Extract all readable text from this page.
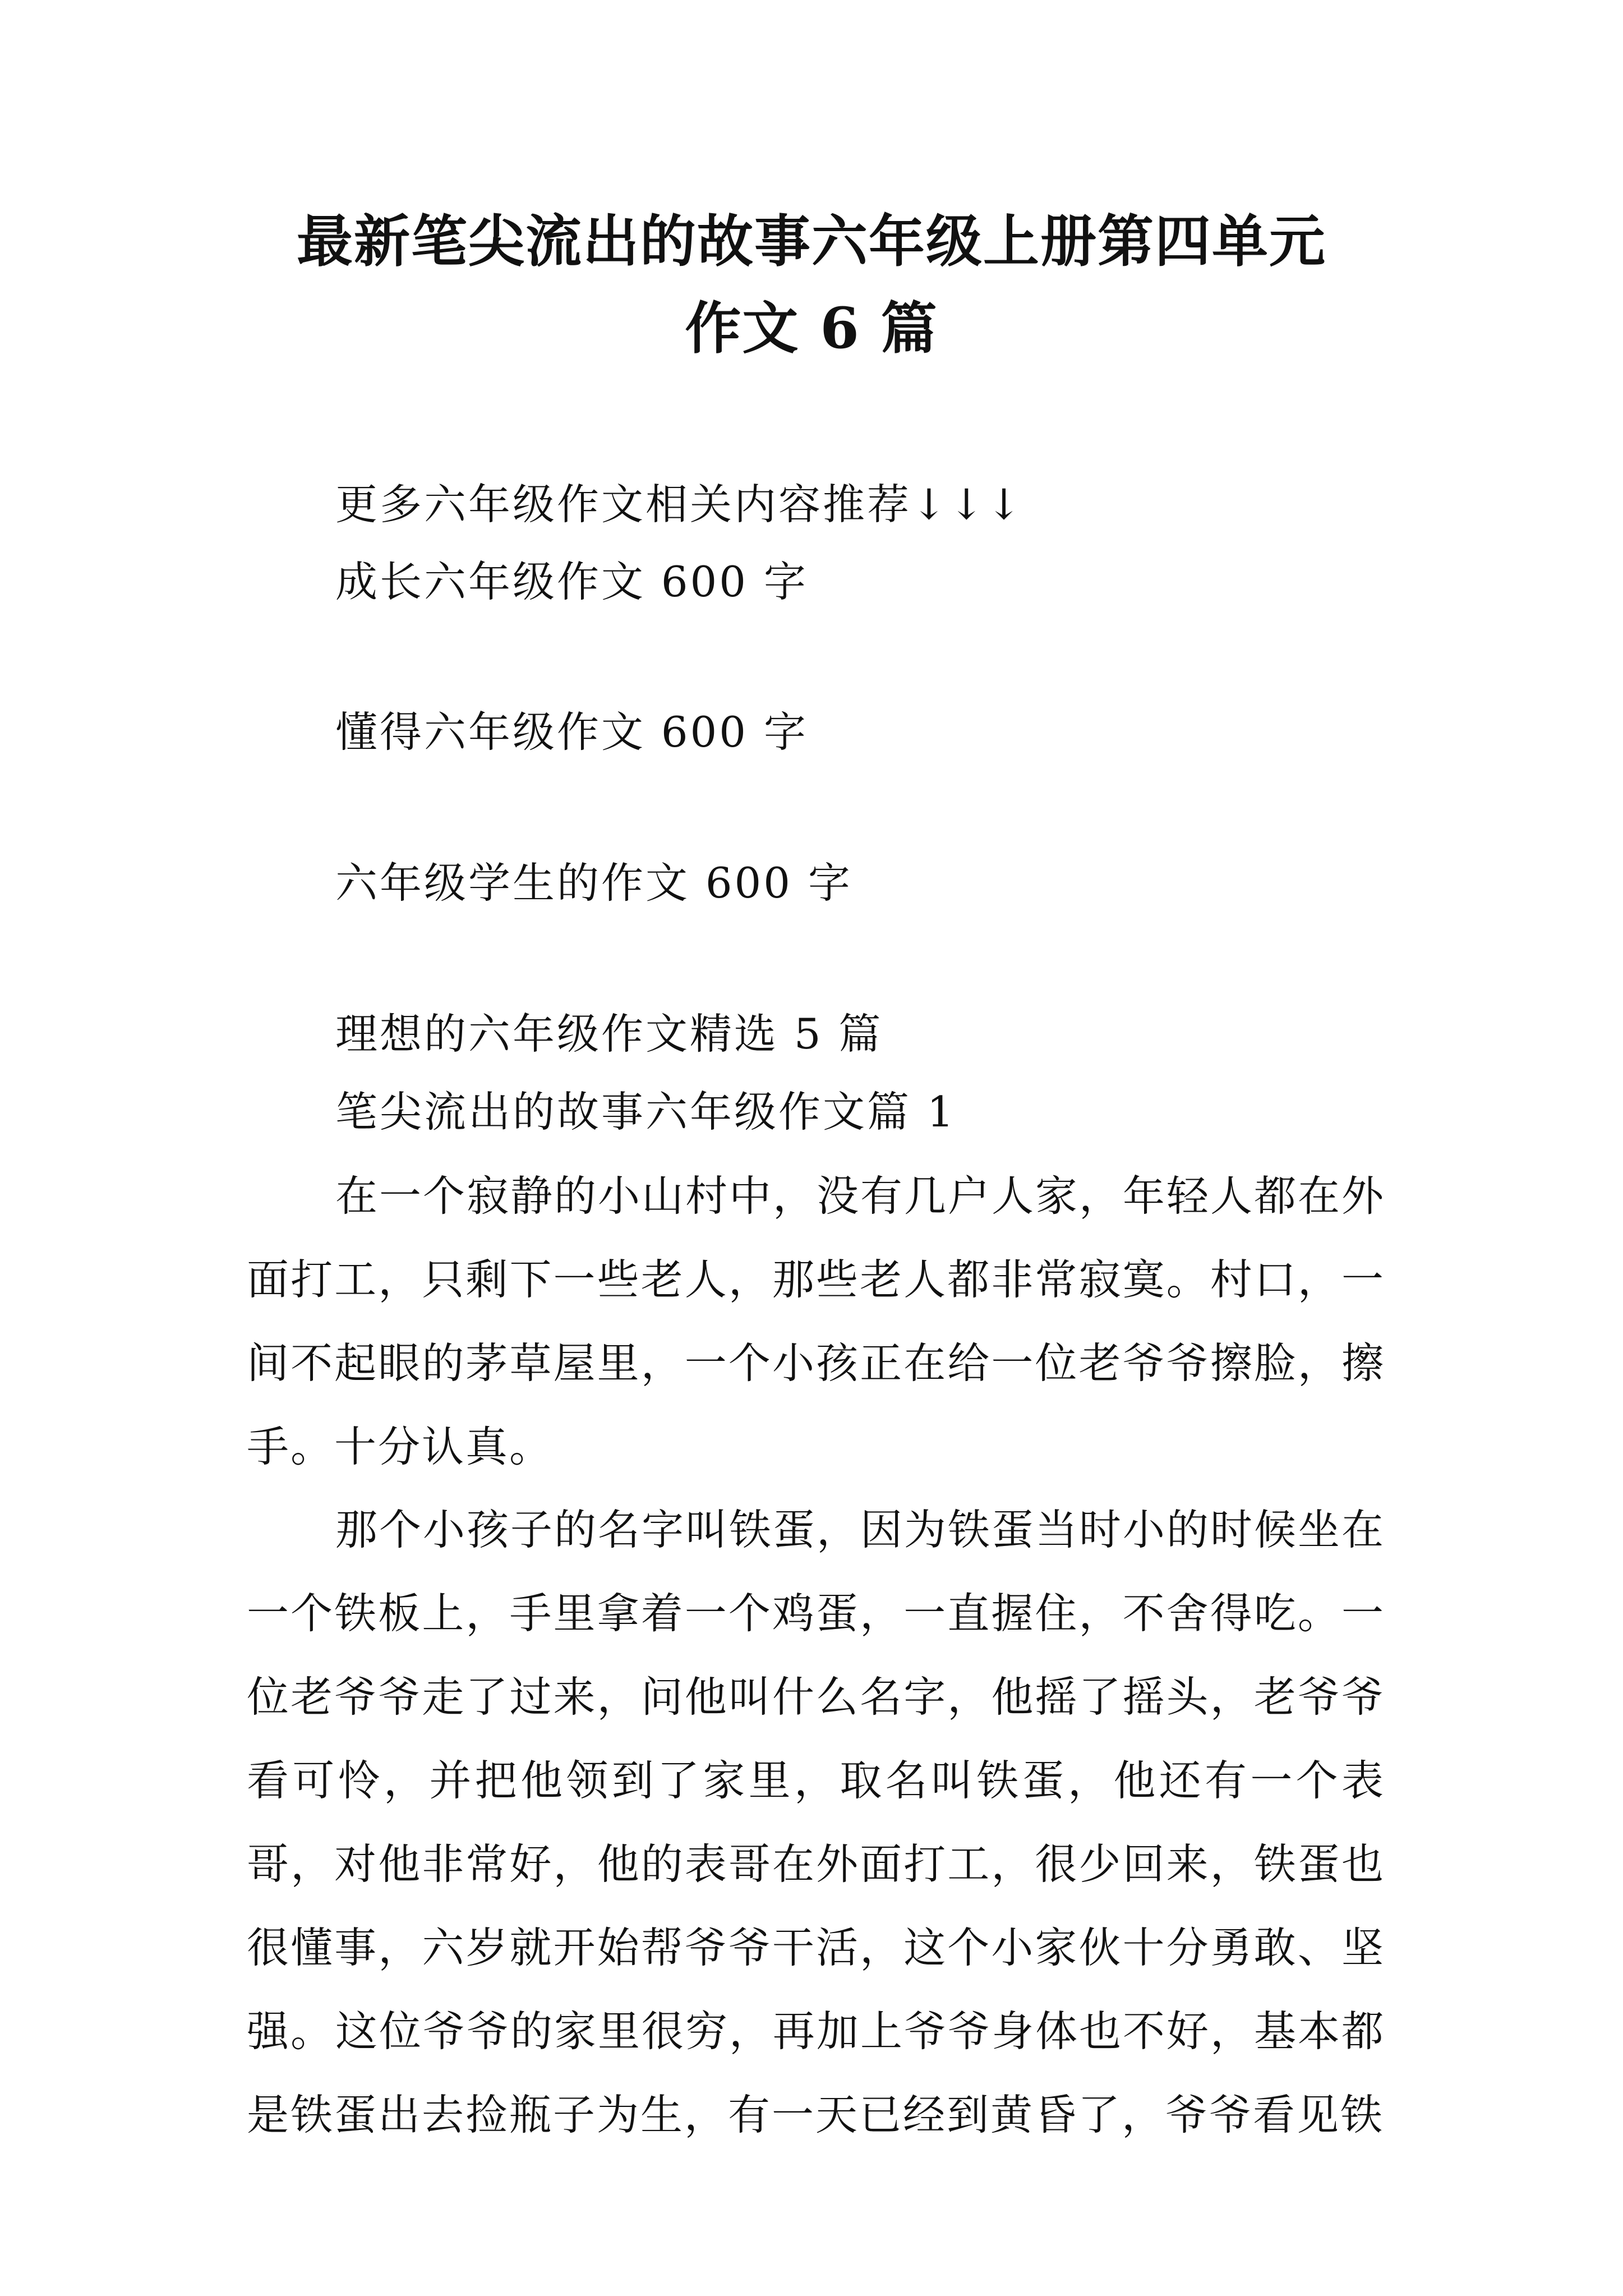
最新笔尖流出的故事六年级上册第四单元
作文 6 篇
更多六年级作文相关内容推荐↓↓↓
成长六年级作文 600 字
懂得六年级作文 600 字
六年级学生的作文 600 字
理想的六年级作文精选 5 篇
笔尖流出的故事六年级作文篇 1
在一个寂静的小山村中，没有几户人家，年轻人都在外面打工，只剩下一些老人，那些老人都非常寂寞。村口，一间不起眼的茅草屋里，一个小孩正在给一位老爷爷擦脸，擦手。十分认真。
那个小孩子的名字叫铁蛋，因为铁蛋当时小的时候坐在一个铁板上，手里拿着一个鸡蛋，一直握住，不舍得吃。一位老爷爷走了过来，问他叫什么名字，他摇了摇头，老爷爷看可怜，并把他领到了家里，取名叫铁蛋，他还有一个表哥，对他非常好，他的表哥在外面打工，很少回来，铁蛋也很懂事，六岁就开始帮爷爷干活，这个小家伙十分勇敢、坚强。 这位爷爷的家里很穷，再加上爷爷身体也不好，基本都是铁蛋出去捡瓶子为生，有一天已经到黄昏了，爷爷看见铁
